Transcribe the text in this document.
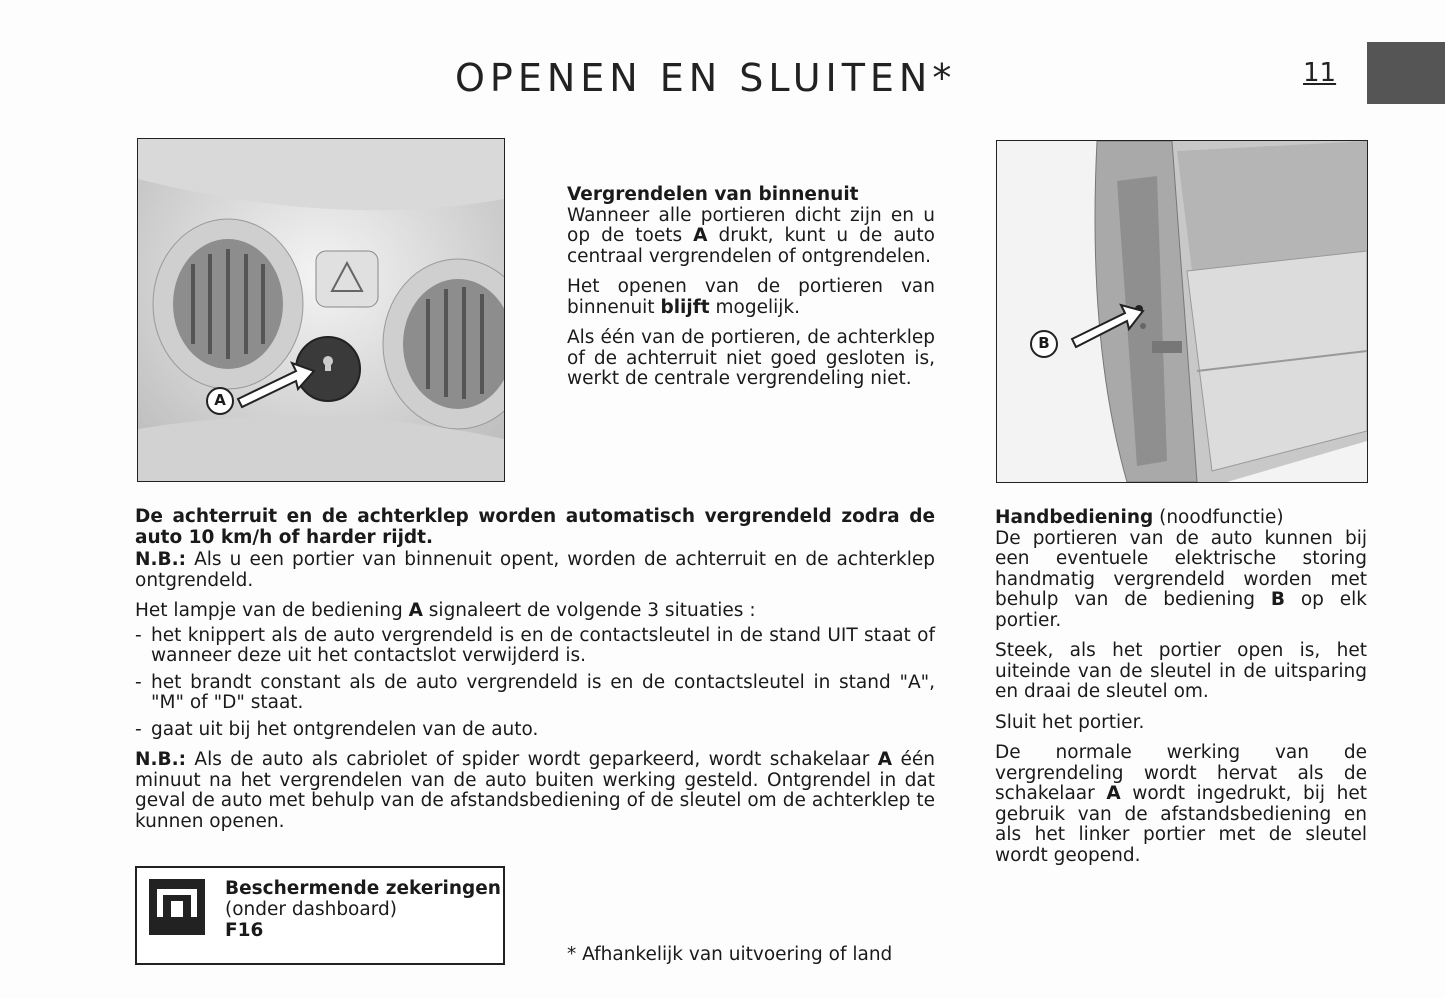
OPENEN EN SLUITEN*	11
A
B
Vergrendelen van binnenuit

Wanneer alle portieren dicht zijn en u op de toets A drukt, kunt u de auto centraal vergrendelen of ontgrendelen.

Het openen van de portieren van binnenuit blijft mogelijk.

Als één van de portieren, de achterklep of de achterruit niet goed gesloten is, werkt de centrale vergrendeling niet.

De achterruit en de achterklep worden automatisch vergrendeld zodra de auto 10 km/h of harder rijdt.

N.B.: Als u een portier van binnenuit opent, worden de achterruit en de achterklep ontgrendeld.

Het lampje van de bediening A signaleert de volgende 3 situaties :

- het knippert als de auto vergrendeld is en de contactsleutel in de stand UIT staat of wanneer deze uit het contactslot verwijderd is.
- het brandt constant als de auto vergrendeld is en de contactsleutel in stand "A", "M" of "D" staat.
- gaat uit bij het ontgrendelen van de auto.

N.B.: Als de auto als cabriolet of spider wordt geparkeerd, wordt schakelaar A één minuut na het vergrendelen van de auto buiten werking gesteld. Ontgrendel in dat geval de auto met behulp van de afstandsbediening of de sleutel om de achterklep te kunnen openen.

Handbediening (noodfunctie)

De portieren van de auto kunnen bij een eventuele elektrische storing handmatig vergrendeld worden met behulp van de bediening B op elk portier.

Steek, als het portier open is, het uiteinde van de sleutel in de uitsparing en draai de sleutel om.

Sluit het portier.

De normale werking van de vergrendeling wordt hervat als de schakelaar A wordt ingedrukt, bij het gebruik van de afstandsbediening en als het linker portier met de sleutel wordt geopend.

Beschermende zekeringen
(onder dashboard)
F16
* Afhankelijk van uitvoering of land
